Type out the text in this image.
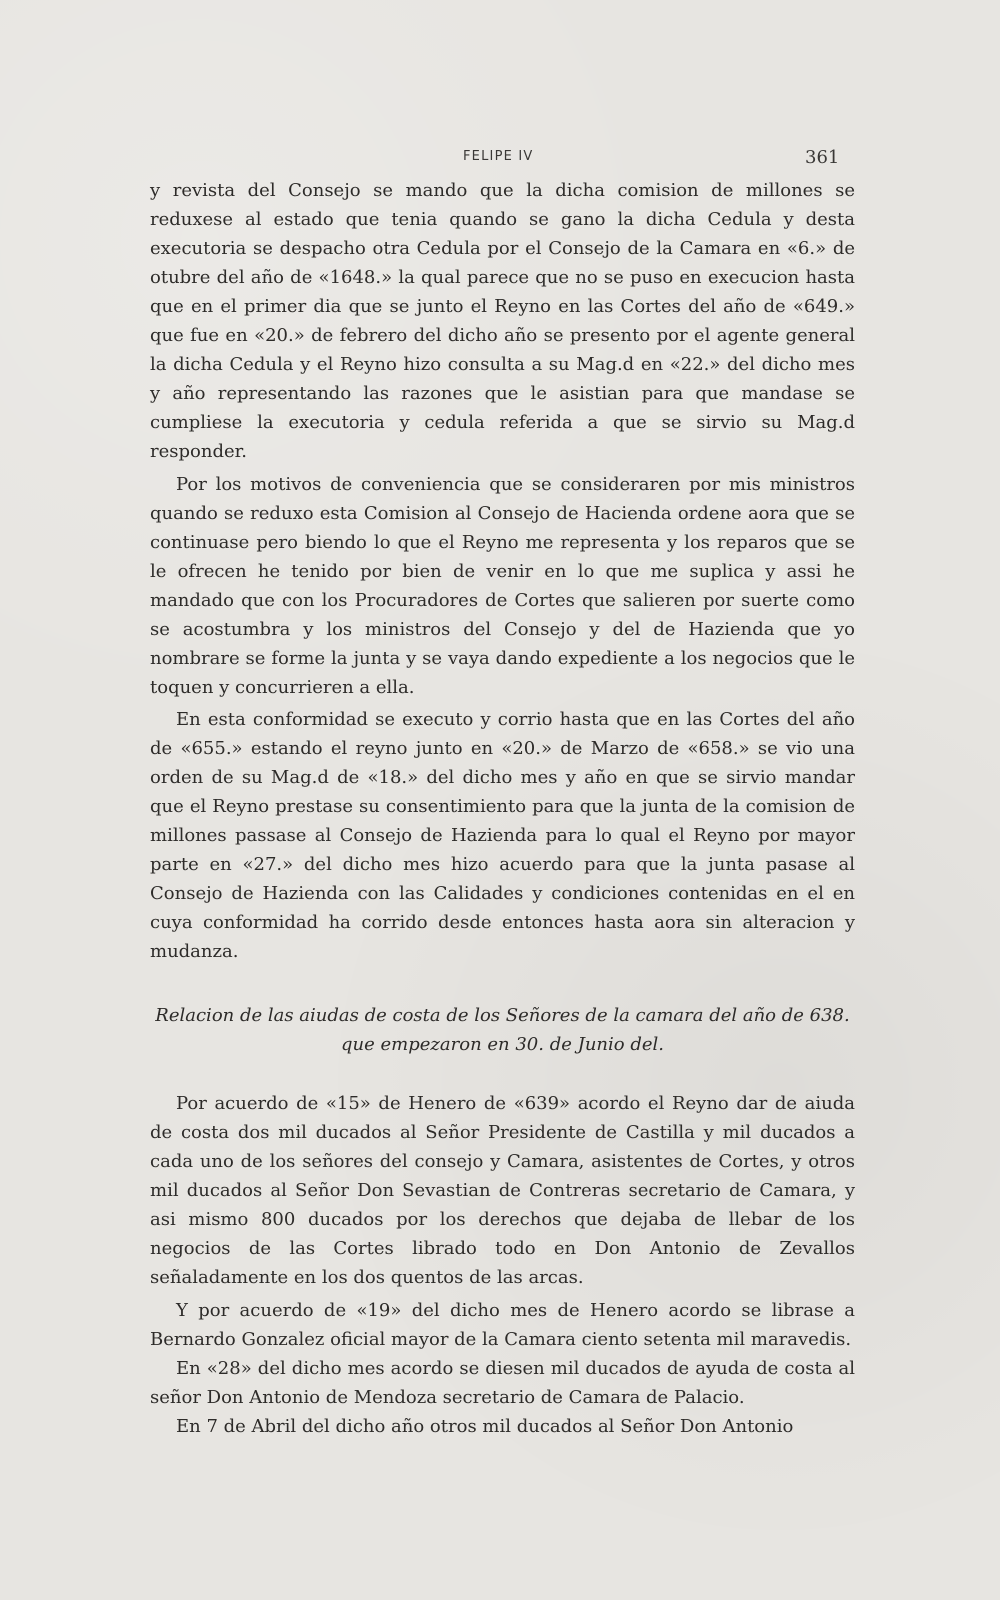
FELIPE IV	361

y revista del Consejo se mando que la dicha comision de millones se reduxese al estado que tenia quando se gano la dicha Cedula y desta executoria se despacho otra Cedula por el Consejo de la Camara en «6.» de otubre del año de «1648.» la qual parece que no se puso en execucion hasta que en el primer dia que se junto el Reyno en las Cortes del año de «649.» que fue en «20.» de febrero del dicho año se presento por el agente general la dicha Cedula y el Reyno hizo consulta a su Mag.d en «22.» del dicho mes y año representando las razones que le asistian para que mandase se cumpliese la executoria y cedula referida a que se sirvio su Mag.d responder.

Por los motivos de conveniencia que se consideraren por mis ministros quando se reduxo esta Comision al Consejo de Hacienda ordene aora que se continuase pero biendo lo que el Reyno me representa y los reparos que se le ofrecen he tenido por bien de venir en lo que me suplica y assi he mandado que con los Procuradores de Cortes que salieren por suerte como se acostumbra y los ministros del Consejo y del de Hazienda que yo nombrare se forme la junta y se vaya dando expediente a los negocios que le toquen y concurrieren a ella.

En esta conformidad se executo y corrio hasta que en las Cortes del año de «655.» estando el reyno junto en «20.» de Marzo de «658.» se vio una orden de su Mag.d de «18.» del dicho mes y año en que se sirvio mandar que el Reyno prestase su consentimiento para que la junta de la comision de millones passase al Consejo de Hazienda para lo qual el Reyno por mayor parte en «27.» del dicho mes hizo acuerdo para que la junta pasase al Consejo de Hazienda con las Calidades y condiciones contenidas en el en cuya conformidad ha corrido desde entonces hasta aora sin alteracion y mudanza.

Relacion de las aiudas de costa de los Señores de la camara del año de 638. que empezaron en 30. de Junio del.

Por acuerdo de «15» de Henero de «639» acordo el Reyno dar de aiuda de costa dos mil ducados al Señor Presidente de Castilla y mil ducados a cada uno de los señores del consejo y Camara, asistentes de Cortes, y otros mil ducados al Señor Don Sevastian de Contreras secretario de Camara, y asi mismo 800 ducados por los derechos que dejaba de llebar de los negocios de las Cortes librado todo en Don Antonio de Zevallos señaladamente en los dos quentos de las arcas.

Y por acuerdo de «19» del dicho mes de Henero acordo se librase a Bernardo Gonzalez oficial mayor de la Camara ciento setenta mil maravedis.

En «28» del dicho mes acordo se diesen mil ducados de ayuda de costa al señor Don Antonio de Mendoza secretario de Camara de Palacio.

En 7 de Abril del dicho año otros mil ducados al Señor Don Antonio
